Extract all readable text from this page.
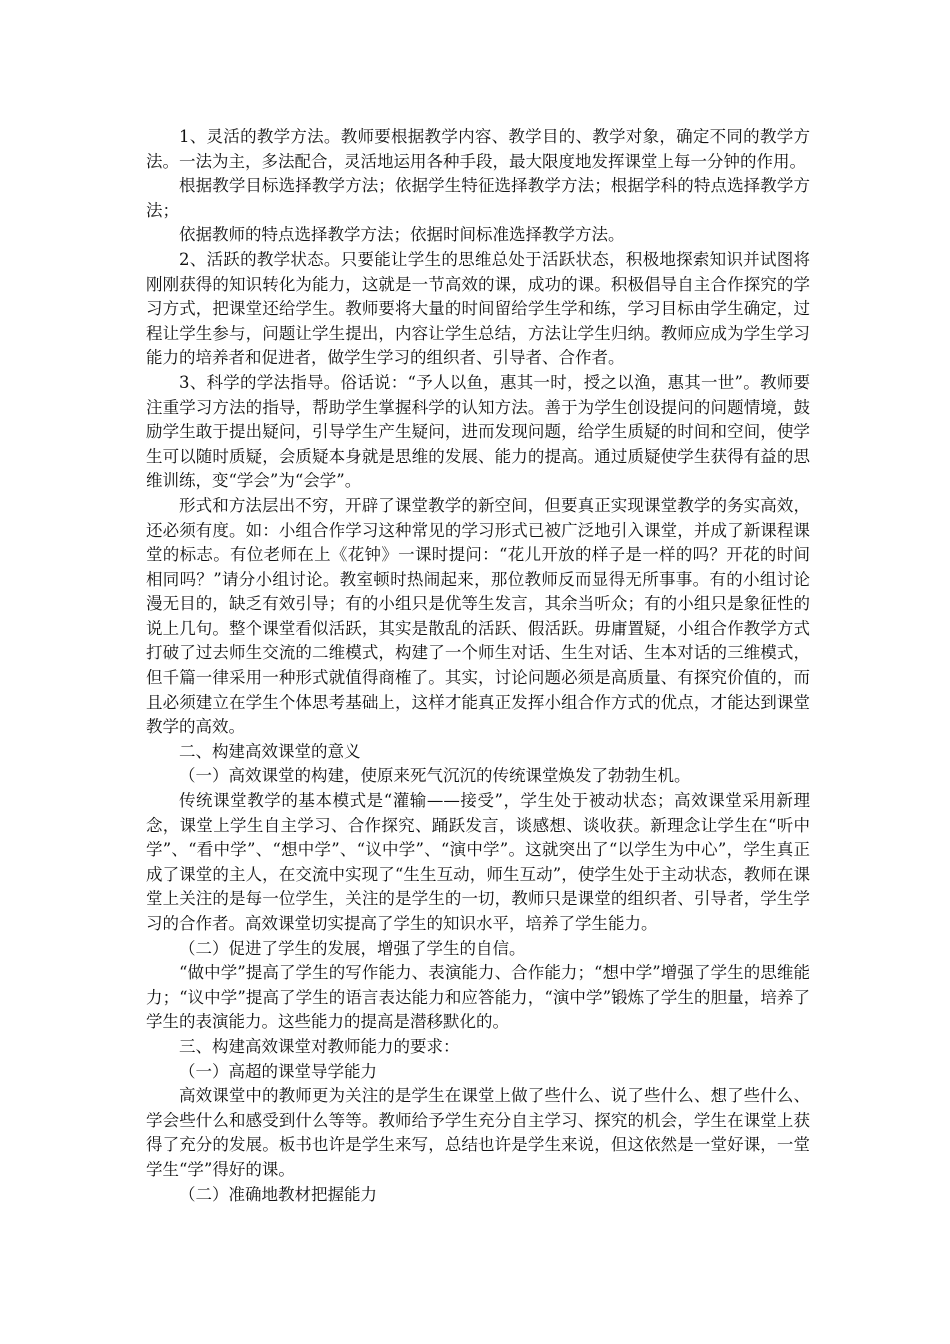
1、灵活的教学方法。教师要根据教学内容、教学目的、教学对象，确定不同的教学方法。一法为主，多法配合，灵活地运用各种手段，最大限度地发挥课堂上每一分钟的作用。

根据教学目标选择教学方法；依据学生特征选择教学方法；根据学科的特点选择教学方法；

依据教师的特点选择教学方法；依据时间标准选择教学方法。

2、活跃的教学状态。只要能让学生的思维总处于活跃状态，积极地探索知识并试图将刚刚获得的知识转化为能力，这就是一节高效的课，成功的课。积极倡导自主合作探究的学习方式，把课堂还给学生。教师要将大量的时间留给学生学和练，学习目标由学生确定，过程让学生参与，问题让学生提出，内容让学生总结，方法让学生归纳。教师应成为学生学习能力的培养者和促进者，做学生学习的组织者、引导者、合作者。

3、科学的学法指导。俗话说：“予人以鱼，惠其一时，授之以渔，惠其一世”。教师要注重学习方法的指导，帮助学生掌握科学的认知方法。善于为学生创设提问的问题情境，鼓励学生敢于提出疑问，引导学生产生疑问，进而发现问题，给学生质疑的时间和空间，使学生可以随时质疑，会质疑本身就是思维的发展、能力的提高。通过质疑使学生获得有益的思维训练，变“学会”为“会学”。

形式和方法层出不穷，开辟了课堂教学的新空间，但要真正实现课堂教学的务实高效，还必须有度。如：小组合作学习这种常见的学习形式已被广泛地引入课堂，并成了新课程课堂的标志。有位老师在上《花钟》一课时提问：“花儿开放的样子是一样的吗？开花的时间相同吗？”请分小组讨论。教室顿时热闹起来，那位教师反而显得无所事事。有的小组讨论漫无目的，缺乏有效引导；有的小组只是优等生发言，其余当听众；有的小组只是象征性的说上几句。整个课堂看似活跃，其实是散乱的活跃、假活跃。毋庸置疑，小组合作教学方式打破了过去师生交流的二维模式，构建了一个师生对话、生生对话、生本对话的三维模式，但千篇一律采用一种形式就值得商榷了。其实，讨论问题必须是高质量、有探究价值的，而且必须建立在学生个体思考基础上，这样才能真正发挥小组合作方式的优点，才能达到课堂教学的高效。

二、构建高效课堂的意义

（一）高效课堂的构建，使原来死气沉沉的传统课堂焕发了勃勃生机。

传统课堂教学的基本模式是“灌输——接受”，学生处于被动状态；高效课堂采用新理念，课堂上学生自主学习、合作探究、踊跃发言，谈感想、谈收获。新理念让学生在“听中学”、“看中学”、“想中学”、“议中学”、“演中学”。这就突出了“以学生为中心”，学生真正成了课堂的主人，在交流中实现了“生生互动，师生互动”，使学生处于主动状态，教师在课堂上关注的是每一位学生，关注的是学生的一切，教师只是课堂的组织者、引导者，学生学习的合作者。高效课堂切实提高了学生的知识水平，培养了学生能力。

（二）促进了学生的发展，增强了学生的自信。

“做中学”提高了学生的写作能力、表演能力、合作能力；“想中学”增强了学生的思维能力；“议中学”提高了学生的语言表达能力和应答能力，“演中学”锻炼了学生的胆量，培养了学生的表演能力。这些能力的提高是潜移默化的。

三、构建高效课堂对教师能力的要求：

（一）高超的课堂导学能力

高效课堂中的教师更为关注的是学生在课堂上做了些什么、说了些什么、想了些什么、学会些什么和感受到什么等等。教师给予学生充分自主学习、探究的机会，学生在课堂上获得了充分的发展。板书也许是学生来写，总结也许是学生来说，但这依然是一堂好课，一堂学生“学”得好的课。

（二）准确地教材把握能力
